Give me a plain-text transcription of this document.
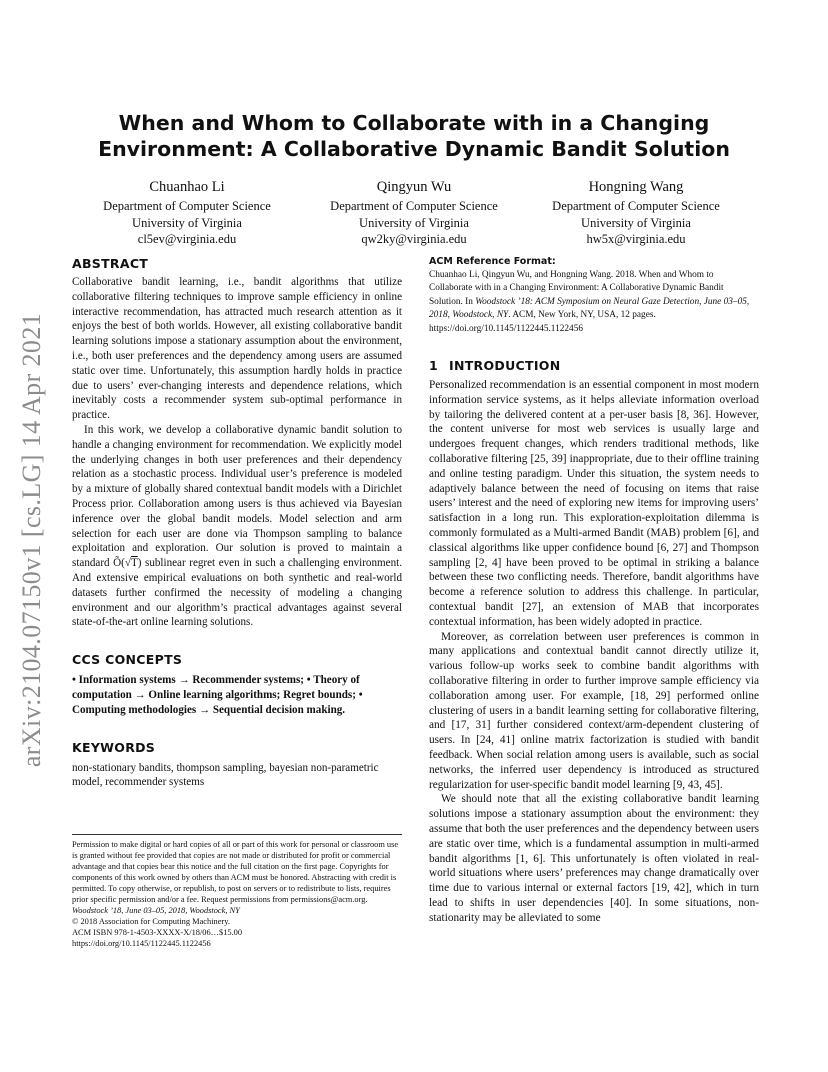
arXiv:2104.07150v1 [cs.LG] 14 Apr 2021
When and Whom to Collaborate with in a Changing
Environment: A Collaborative Dynamic Bandit Solution
Chuanhao Li
Department of Computer Science
University of Virginia
cl5ev@virginia.edu
Qingyun Wu
Department of Computer Science
University of Virginia
qw2ky@virginia.edu
Hongning Wang
Department of Computer Science
University of Virginia
hw5x@virginia.edu
ABSTRACT

Collaborative bandit learning, i.e., bandit algorithms that utilize collaborative filtering techniques to improve sample efficiency in online interactive recommendation, has attracted much research attention as it enjoys the best of both worlds. However, all existing collaborative bandit learning solutions impose a stationary assumption about the environment, i.e., both user preferences and the dependency among users are assumed static over time. Unfortunately, this assumption hardly holds in practice due to users’ ever-changing interests and dependence relations, which inevitably costs a recommender system sub-optimal performance in practice.

In this work, we develop a collaborative dynamic bandit solution to handle a changing environment for recommendation. We explicitly model the underlying changes in both user preferences and their dependency relation as a stochastic process. Individual user’s preference is modeled by a mixture of globally shared contextual bandit models with a Dirichlet Process prior. Collaboration among users is thus achieved via Bayesian inference over the global bandit models. Model selection and arm selection for each user are done via Thompson sampling to balance exploitation and exploration. Our solution is proved to maintain a standard Õ(√T) sublinear regret even in such a challenging environment. And extensive empirical evaluations on both synthetic and real-world datasets further confirmed the necessity of modeling a changing environment and our algorithm’s practical advantages against several state-of-the-art online learning solutions.

CCS CONCEPTS

• Information systems → Recommender systems; • Theory of computation → Online learning algorithms; Regret bounds; • Computing methodologies → Sequential decision making.

KEYWORDS

non-stationary bandits, thompson sampling, bayesian non-parametric model, recommender systems

Permission to make digital or hard copies of all or part of this work for personal or classroom use is granted without fee provided that copies are not made or distributed for profit or commercial advantage and that copies bear this notice and the full citation on the first page. Copyrights for components of this work owned by others than ACM must be honored. Abstracting with credit is permitted. To copy otherwise, or republish, to post on servers or to redistribute to lists, requires prior specific permission and/or a fee. Request permissions from permissions@acm.org.

Woodstock ’18, June 03–05, 2018, Woodstock, NY

© 2018 Association for Computing Machinery.

ACM ISBN 978-1-4503-XXXX-X/18/06…$15.00

https://doi.org/10.1145/1122445.1122456

ACM Reference Format:

Chuanhao Li, Qingyun Wu, and Hongning Wang. 2018. When and Whom to Collaborate with in a Changing Environment: A Collaborative Dynamic Bandit Solution. In Woodstock ’18: ACM Symposium on Neural Gaze Detection, June 03–05, 2018, Woodstock, NY. ACM, New York, NY, USA, 12 pages. https://doi.org/10.1145/1122445.1122456

1 INTRODUCTION

Personalized recommendation is an essential component in most modern information service systems, as it helps alleviate information overload by tailoring the delivered content at a per-user basis [8, 36]. However, the content universe for most web services is usually large and undergoes frequent changes, which renders traditional methods, like collaborative filtering [25, 39] inappropriate, due to their offline training and online testing paradigm. Under this situation, the system needs to adaptively balance between the need of focusing on items that raise users’ interest and the need of exploring new items for improving users’ satisfaction in a long run. This exploration-exploitation dilemma is commonly formulated as a Multi-armed Bandit (MAB) problem [6], and classical algorithms like upper confidence bound [6, 27] and Thompson sampling [2, 4] have been proved to be optimal in striking a balance between these two conflicting needs. Therefore, bandit algorithms have become a reference solution to address this challenge. In particular, contextual bandit [27], an extension of MAB that incorporates contextual information, has been widely adopted in practice.

Moreover, as correlation between user preferences is common in many applications and contextual bandit cannot directly utilize it, various follow-up works seek to combine bandit algorithms with collaborative filtering in order to further improve sample efficiency via collaboration among user. For example, [18, 29] performed online clustering of users in a bandit learning setting for collaborative filtering, and [17, 31] further considered context/arm-dependent clustering of users. In [24, 41] online matrix factorization is studied with bandit feedback. When social relation among users is available, such as social networks, the inferred user dependency is introduced as structured regularization for user-specific bandit model learning [9, 43, 45].

We should note that all the existing collaborative bandit learning solutions impose a stationary assumption about the environment: they assume that both the user preferences and the dependency between users are static over time, which is a fundamental assumption in multi-armed bandit algorithms [1, 6]. This unfortunately is often violated in real-world situations where users’ preferences may change dramatically over time due to various internal or external factors [19, 42], which in turn lead to shifts in user dependencies [40]. In some situations, non-stationarity may be alleviated to some
